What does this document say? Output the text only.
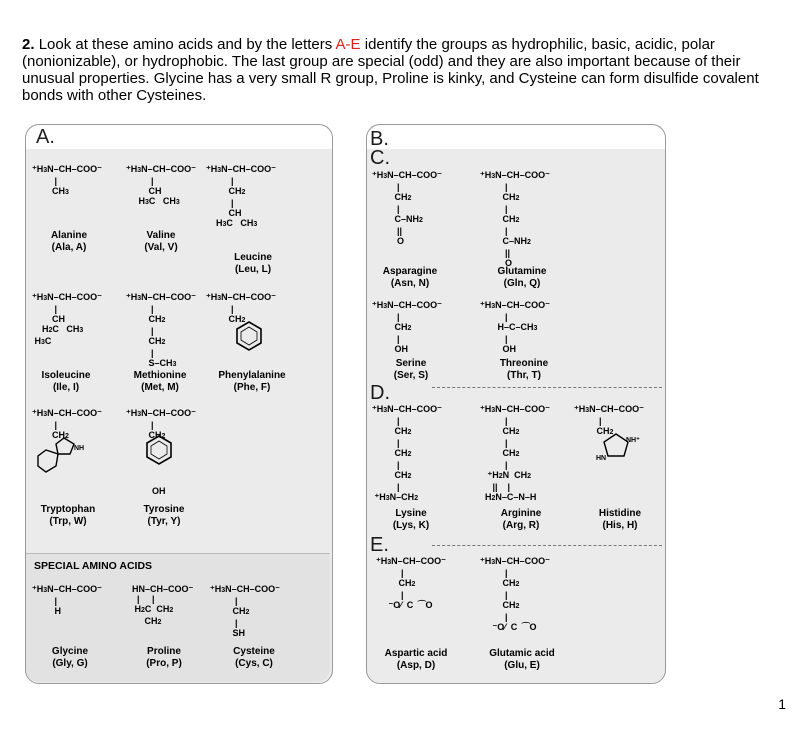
2. Look at these amino acids and by the letters A-E identify the groups as hydrophilic, basic, acidic, polar (nonionizable), or hydrophobic. The last group are special (odd) and they are also important because of their unusual properties. Glycine has a very small R group, Proline is kinky, and Cysteine can form disulfide covalent bonds with other Cysteines.
A.
⁺H3N–CH–COO⁻
|
CH3
Alanine
(Ala, A)
⁺H3N–CH–COO⁻
|
CH
H3C   CH3
Valine
(Val, V)
⁺H3N–CH–COO⁻
|
CH2
|
CH
H3C   CH3
Leucine
(Leu, L)
⁺H3N–CH–COO⁻
|
CH
H2C   CH3
H3C
Isoleucine
(Ile, I)
⁺H3N–CH–COO⁻
|
CH2
|
CH2
|
S–CH3
Methionine
(Met, M)
⁺H3N–CH–COO⁻
|
CH2
Phenylalanine
(Phe, F)
⁺H3N–CH–COO⁻
|
CH2
NH
Tryptophan
(Trp, W)
⁺H3N–CH–COO⁻
|
CH2
OH
Tyrosine
(Tyr, Y)
SPECIAL AMINO ACIDS
⁺H3N–CH–COO⁻
|
H
Glycine
(Gly, G)
HN–CH–COO⁻
|     |
H2C  CH2
CH2
Proline
(Pro, P)
⁺H3N–CH–COO⁻
|
CH2
|
SH
Cysteine
(Cys, C)
B.
C.
⁺H3N–CH–COO⁻
|
CH2
|
C–NH2
||
O
Asparagine
(Asn, N)
⁺H3N–CH–COO⁻
|
CH2
|
CH2
|
C–NH2
||
O
Glutamine
(Gln, Q)
⁺H3N–CH–COO⁻
|
CH2
|
OH
Serine
(Ser, S)
⁺H3N–CH–COO⁻
|
H–C–CH3
|
OH
Threonine
(Thr, T)
D.
⁺H3N–CH–COO⁻
|
CH2
|
CH2
|
CH2
|
⁺H3N–CH2
Lysine
(Lys, K)
⁺H3N–CH–COO⁻
|
CH2
|
CH2
|
⁺H2N  CH2
||    |
H2N–C–N–H
Arginine
(Arg, R)
⁺H3N–CH–COO⁻
|
CH2
NH⁺
HN
Histidine
(His, H)
E.
⁺H3N–CH–COO⁻
|
CH2
|
⁻O⁄  C  ⁀O
Aspartic acid
(Asp, D)
⁺H3N–CH–COO⁻
|
CH2
|
CH2
|
⁻O⁄  C  ⁀O
Glutamic acid
(Glu, E)
1
